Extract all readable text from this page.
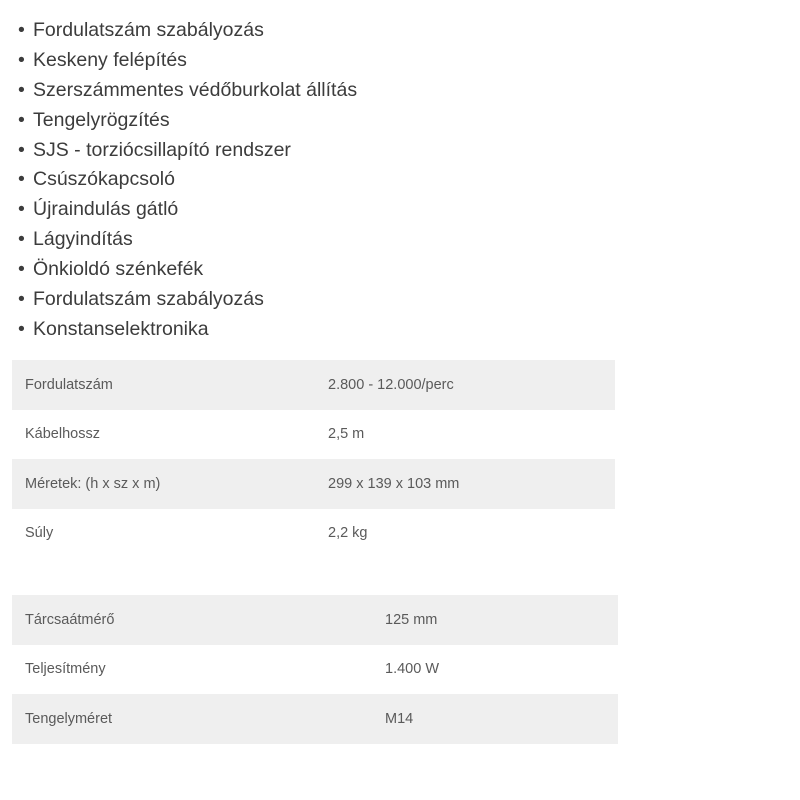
• Fordulatszám szabályozás
• Keskeny felépítés
• Szerszámmentes védőburkolat állítás
• Tengelyrögzítés
• SJS - torziócsillapító rendszer
• Csúszókapcsoló
• Újraindulás gátló
• Lágyindítás
• Önkioldó szénkefék
• Fordulatszám szabályozás
• Konstanselektronika
Fordulatszám	2.800 - 12.000/perc
Kábelhossz	2,5 m
Méretek: (h x sz x m)	299 x 139 x 103 mm
Súly	2,2 kg
Tárcsaátmérő	125 mm
Teljesítmény	1.400 W
Tengelyméret	M14
